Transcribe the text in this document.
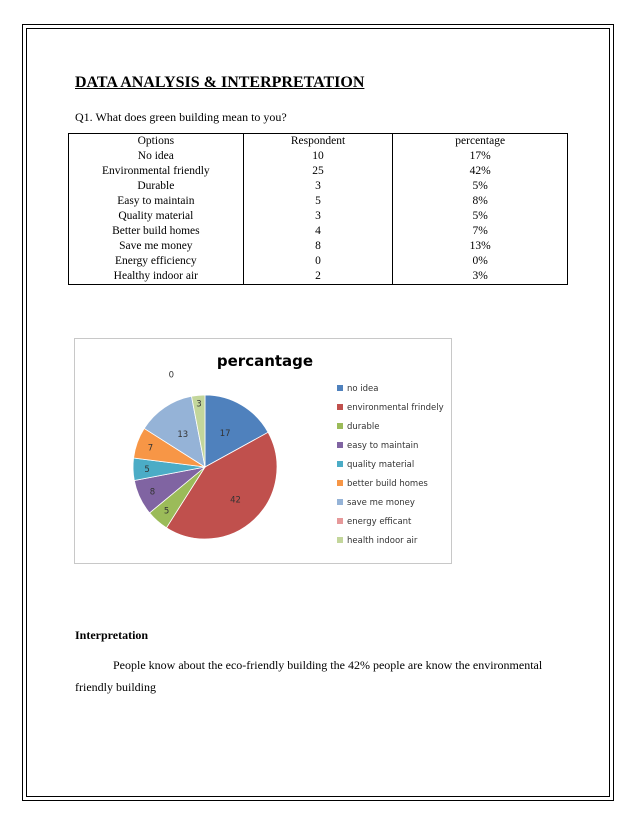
DATA ANALYSIS & INTERPRETATION
Q1. What does green building mean to you?
Options	Respondent	percentage
No idea	10	17%
Environmental friendly	25	42%
Durable	3	5%
Easy to maintain	5	8%
Quality material	3	5%
Better build homes	4	7%
Save me money	8	13%
Energy efficiency	0	0%
Healthy indoor air	2	3%
percantage
17
42
5
8
5
7
13
0
3
no idea
environmental frindely
durable
easy to maintain
quality material
better build homes
save me money
energy efficant
health indoor air
Interpretation
People know about the eco-friendly building the 42% people are know the environmental friendly building
